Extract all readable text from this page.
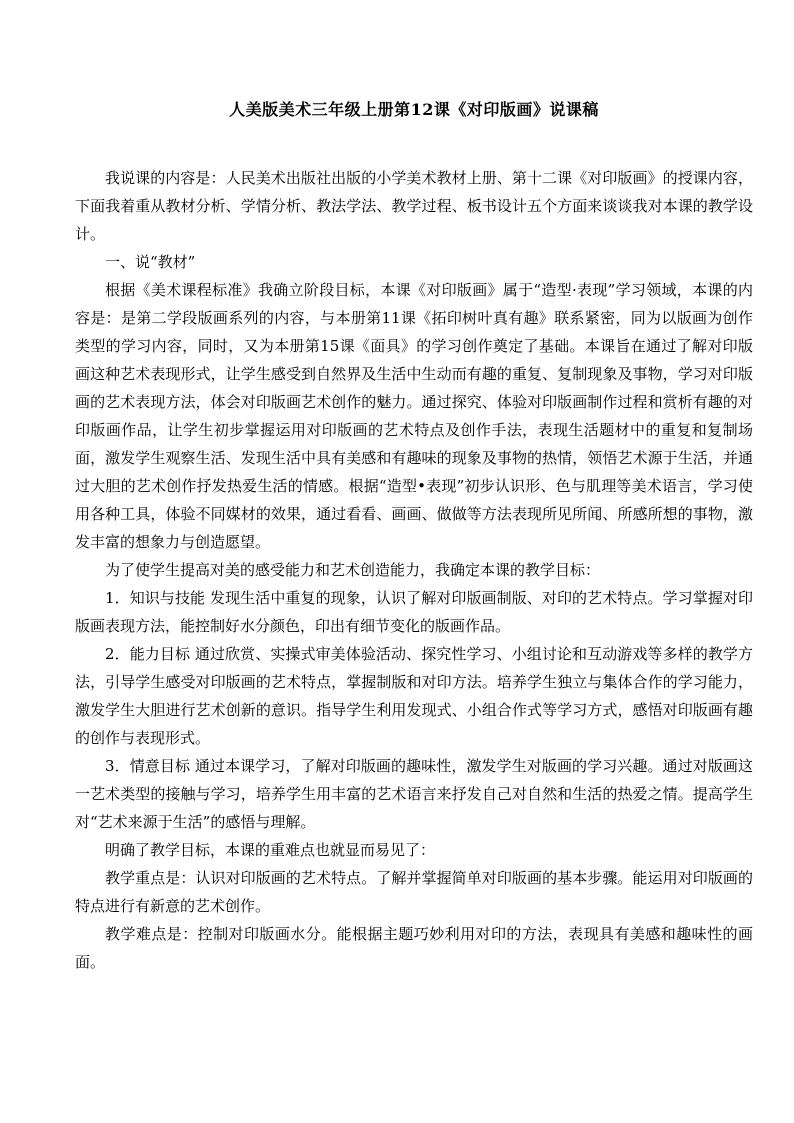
人美版美术三年级上册第12课《对印版画》说课稿

我说课的内容是：人民美术出版社出版的小学美术教材上册、第十二课《对印版画》的授课内容，下面我着重从教材分析、学情分析、教法学法、教学过程、板书设计五个方面来谈谈我对本课的教学设计。

一、说“教材”

根据《美术课程标准》我确立阶段目标，本课《对印版画》属于“造型·表现”学习领域，本课的内容是：是第二学段版画系列的内容，与本册第11课《拓印树叶真有趣》联系紧密，同为以版画为创作类型的学习内容，同时，又为本册第15课《面具》的学习创作奠定了基础。本课旨在通过了解对印版画这种艺术表现形式，让学生感受到自然界及生活中生动而有趣的重复、复制现象及事物，学习对印版画的艺术表现方法，体会对印版画艺术创作的魅力。通过探究、体验对印版画制作过程和赏析有趣的对印版画作品，让学生初步掌握运用对印版画的艺术特点及创作手法，表现生活题材中的重复和复制场面，激发学生观察生活、发现生活中具有美感和有趣味的现象及事物的热情，领悟艺术源于生活，并通过大胆的艺术创作抒发热爱生活的情感。根据“造型•表现”初步认识形、色与肌理等美术语言，学习使用各种工具，体验不同媒材的效果，通过看看、画画、做做等方法表现所见所闻、所感所想的事物，激发丰富的想象力与创造愿望。

为了使学生提高对美的感受能力和艺术创造能力，我确定本课的教学目标：

1．知识与技能 发现生活中重复的现象，认识了解对印版画制版、对印的艺术特点。学习掌握对印版画表现方法，能控制好水分颜色，印出有细节变化的版画作品。

2．能力目标 通过欣赏、实操式审美体验活动、探究性学习、小组讨论和互动游戏等多样的教学方法，引导学生感受对印版画的艺术特点，掌握制版和对印方法。培养学生独立与集体合作的学习能力，激发学生大胆进行艺术创新的意识。指导学生利用发现式、小组合作式等学习方式，感悟对印版画有趣的创作与表现形式。

3．情意目标 通过本课学习，了解对印版画的趣味性，激发学生对版画的学习兴趣。通过对版画这一艺术类型的接触与学习，培养学生用丰富的艺术语言来抒发自己对自然和生活的热爱之情。提高学生对“艺术来源于生活”的感悟与理解。

明确了教学目标，本课的重难点也就显而易见了：

教学重点是：认识对印版画的艺术特点。了解并掌握简单对印版画的基本步骤。能运用对印版画的特点进行有新意的艺术创作。

教学难点是：控制对印版画水分。能根据主题巧妙利用对印的方法，表现具有美感和趣味性的画面。
